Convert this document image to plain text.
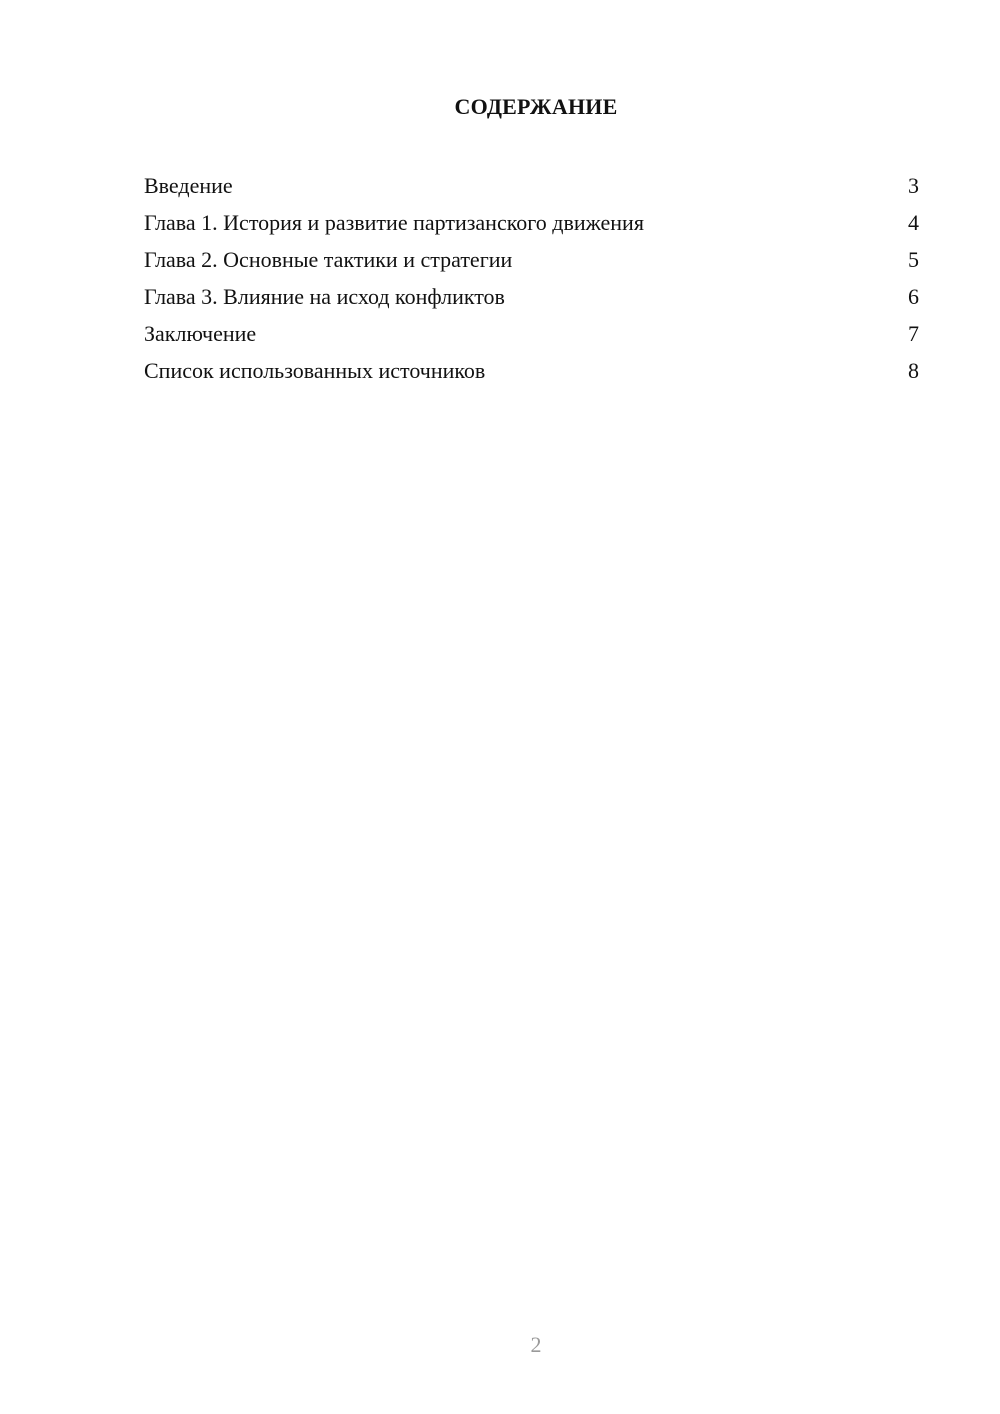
СОДЕРЖАНИЕ
Введение	3
Глава 1. История и развитие партизанского движения	4
Глава 2. Основные тактики и стратегии	5
Глава 3. Влияние на исход конфликтов	6
Заключение	7
Список использованных источников	8
2
